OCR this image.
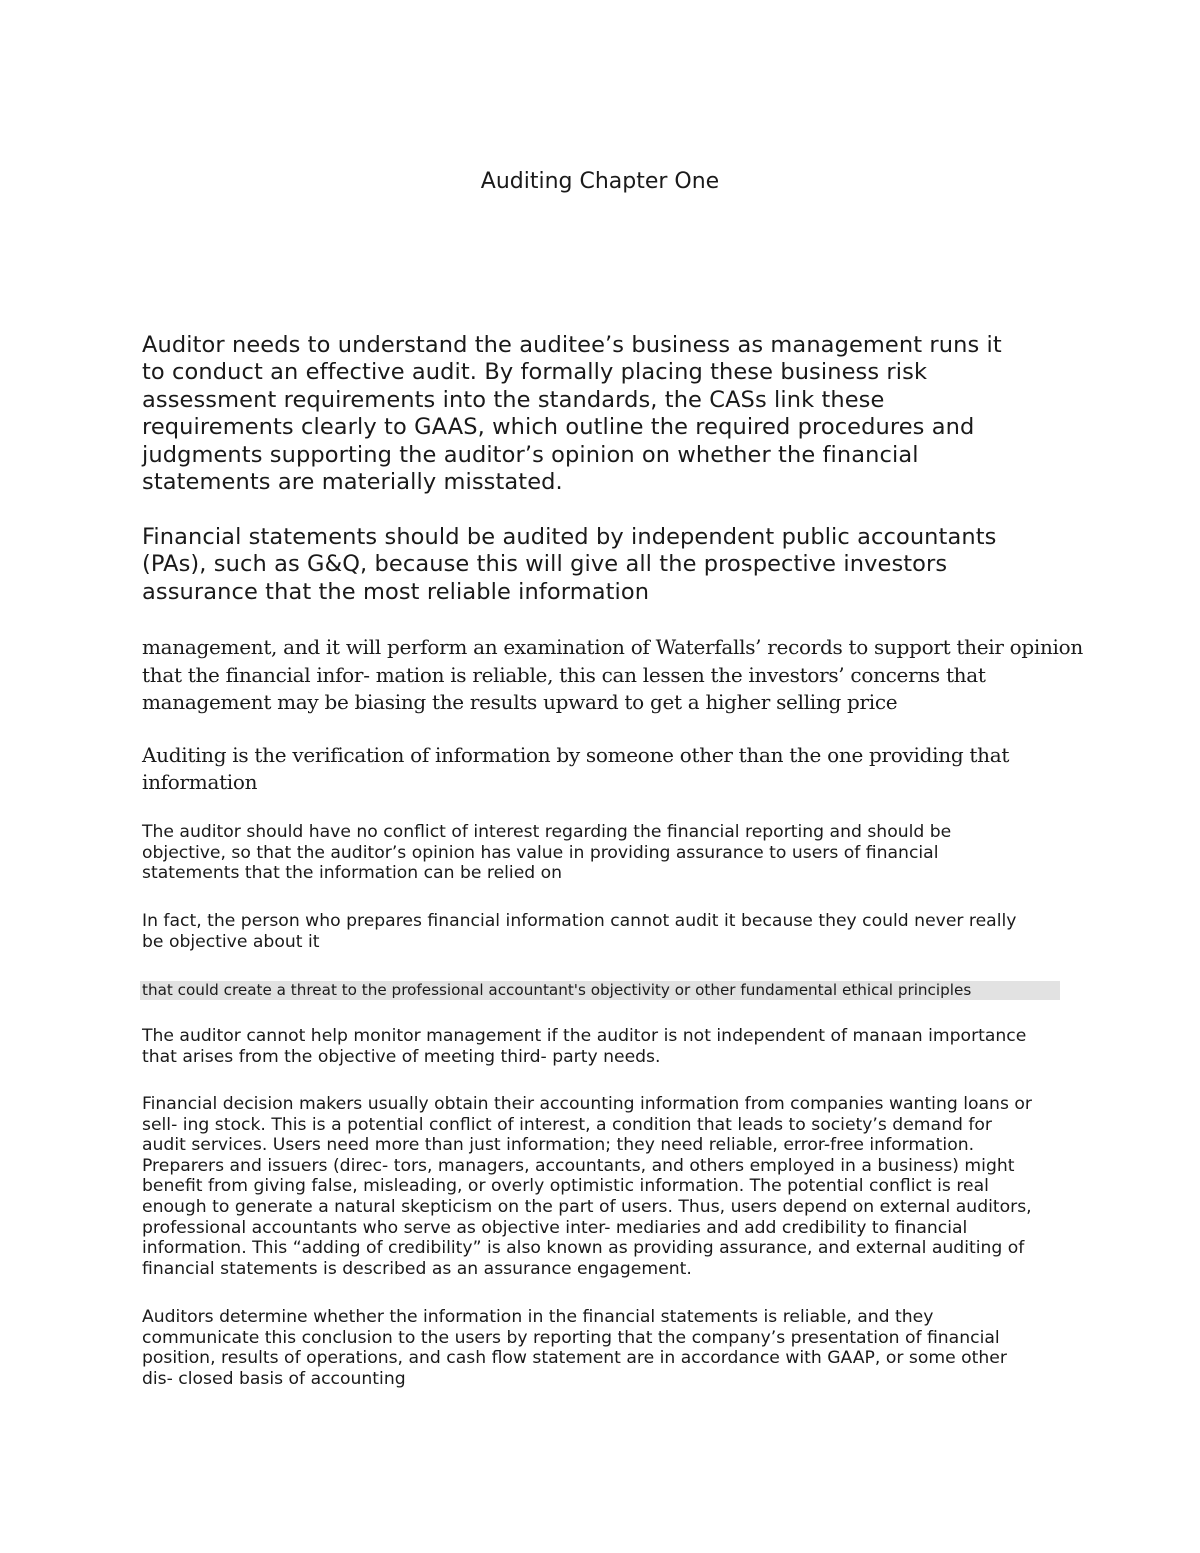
Auditing Chapter One

Auditor needs to understand the auditee’s business as management runs it
to conduct an effective audit. By formally placing these business risk
assessment requirements into the standards, the CASs link these
requirements clearly to GAAS, which outline the required procedures and
judgments supporting the auditor’s opinion on whether the financial
statements are materially misstated.

Financial statements should be audited by independent public accountants
(PAs), such as G&Q, because this will give all the prospective investors
assurance that the most reliable information

management, and it will perform an examination of Waterfalls’ records to support their opinion
that the financial infor- mation is reliable, this can lessen the investors’ concerns that
management may be biasing the results upward to get a higher selling price

Auditing is the verification of information by someone other than the one providing that
information

The auditor should have no conflict of interest regarding the financial reporting and should be
objective, so that the auditor’s opinion has value in providing assurance to users of financial
statements that the information can be relied on

In fact, the person who prepares financial information cannot audit it because they could never really
be objective about it

that could create a threat to the professional accountant's objectivity or other fundamental ethical principles

The auditor cannot help monitor management if the auditor is not independent of manaan importance
that arises from the objective of meeting third- party needs.

Financial decision makers usually obtain their accounting information from companies wanting loans or
sell- ing stock. This is a potential conflict of interest, a condition that leads to society’s demand for
audit services. Users need more than just information; they need reliable, error-free information.
Preparers and issuers (direc- tors, managers, accountants, and others employed in a business) might
benefit from giving false, misleading, or overly optimistic information. The potential conflict is real
enough to generate a natural skepticism on the part of users. Thus, users depend on external auditors,
professional accountants who serve as objective inter- mediaries and add credibility to financial
information. This “adding of credibility” is also known as providing assurance, and external auditing of
financial statements is described as an assurance engagement.

Auditors determine whether the information in the financial statements is reliable, and they
communicate this conclusion to the users by reporting that the company’s presentation of financial
position, results of operations, and cash flow statement are in accordance with GAAP, or some other
dis- closed basis of accounting
